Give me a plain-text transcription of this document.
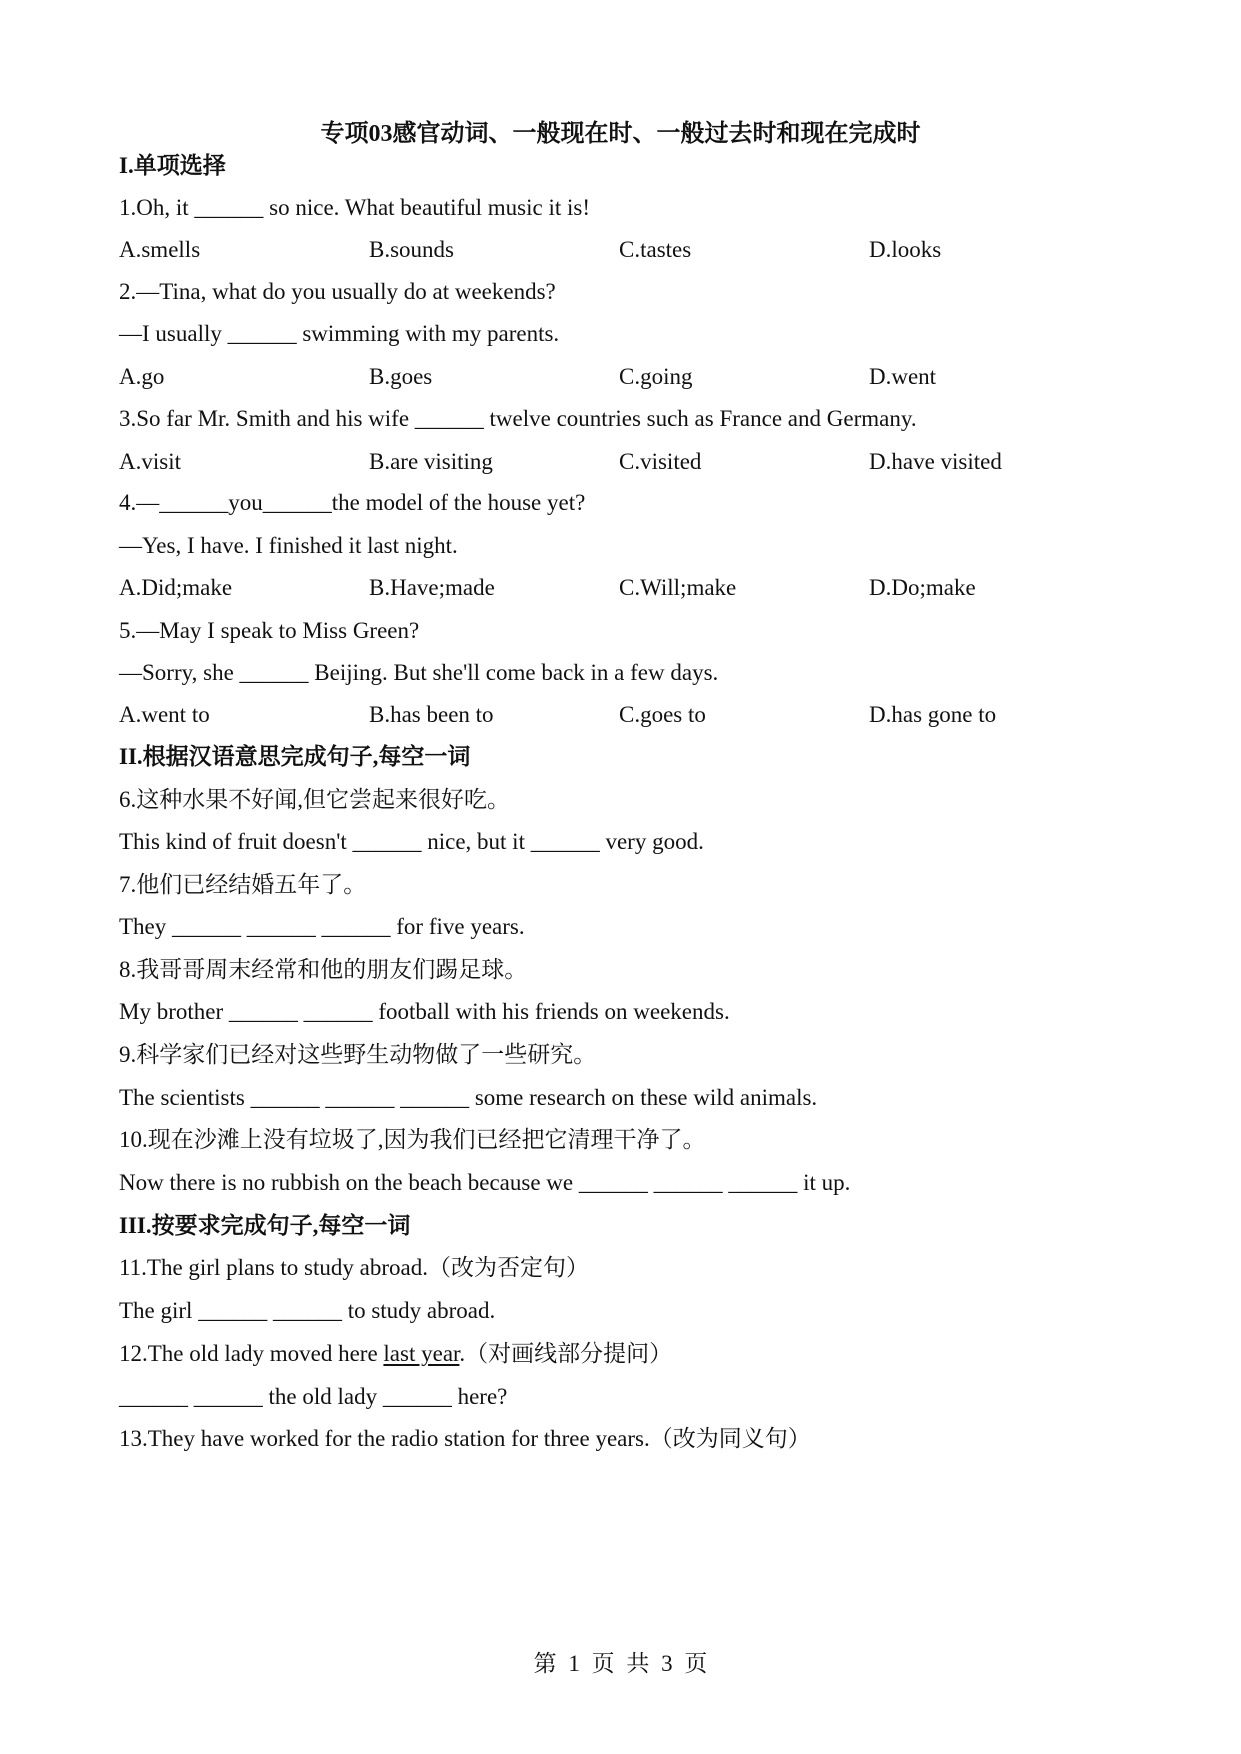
专项03感官动词、一般现在时、一般过去时和现在完成时
I.单项选择
1.Oh, it ______ so nice. What beautiful music it is!
A.smells	B.sounds	C.tastes	D.looks
2.—Tina, what do you usually do at weekends?
—I usually ______ swimming with my parents.
A.go	B.goes	C.going	D.went
3.So far Mr. Smith and his wife ______ twelve countries such as France and Germany.
A.visit	B.are visiting	C.visited	D.have visited
4.—______you______the model of the house yet?
—Yes, I have. I finished it last night.
A.Did;make	B.Have;made	C.Will;make	D.Do;make
5.—May I speak to Miss Green?
—Sorry, she ______ Beijing. But she'll come back in a few days.
A.went to	B.has been to	C.goes to	D.has gone to
II.根据汉语意思完成句子,每空一词
6.这种水果不好闻,但它尝起来很好吃。
This kind of fruit doesn't ______ nice, but it ______ very good.
7.他们已经结婚五年了。
They ______ ______ ______ for five years.
8.我哥哥周末经常和他的朋友们踢足球。
My brother ______ ______ football with his friends on weekends.
9.科学家们已经对这些野生动物做了一些研究。
The scientists ______ ______ ______ some research on these wild animals.
10.现在沙滩上没有垃圾了,因为我们已经把它清理干净了。
Now there is no rubbish on the beach because we ______ ______ ______ it up.
III.按要求完成句子,每空一词
11.The girl plans to study abroad.（改为否定句）
The girl ______ ______ to study abroad.
12.The old lady moved here last year.（对画线部分提问）
______ ______ the old lady ______ here?
13.They have worked for the radio station for three years.（改为同义句）
第 1 页 共 3 页
